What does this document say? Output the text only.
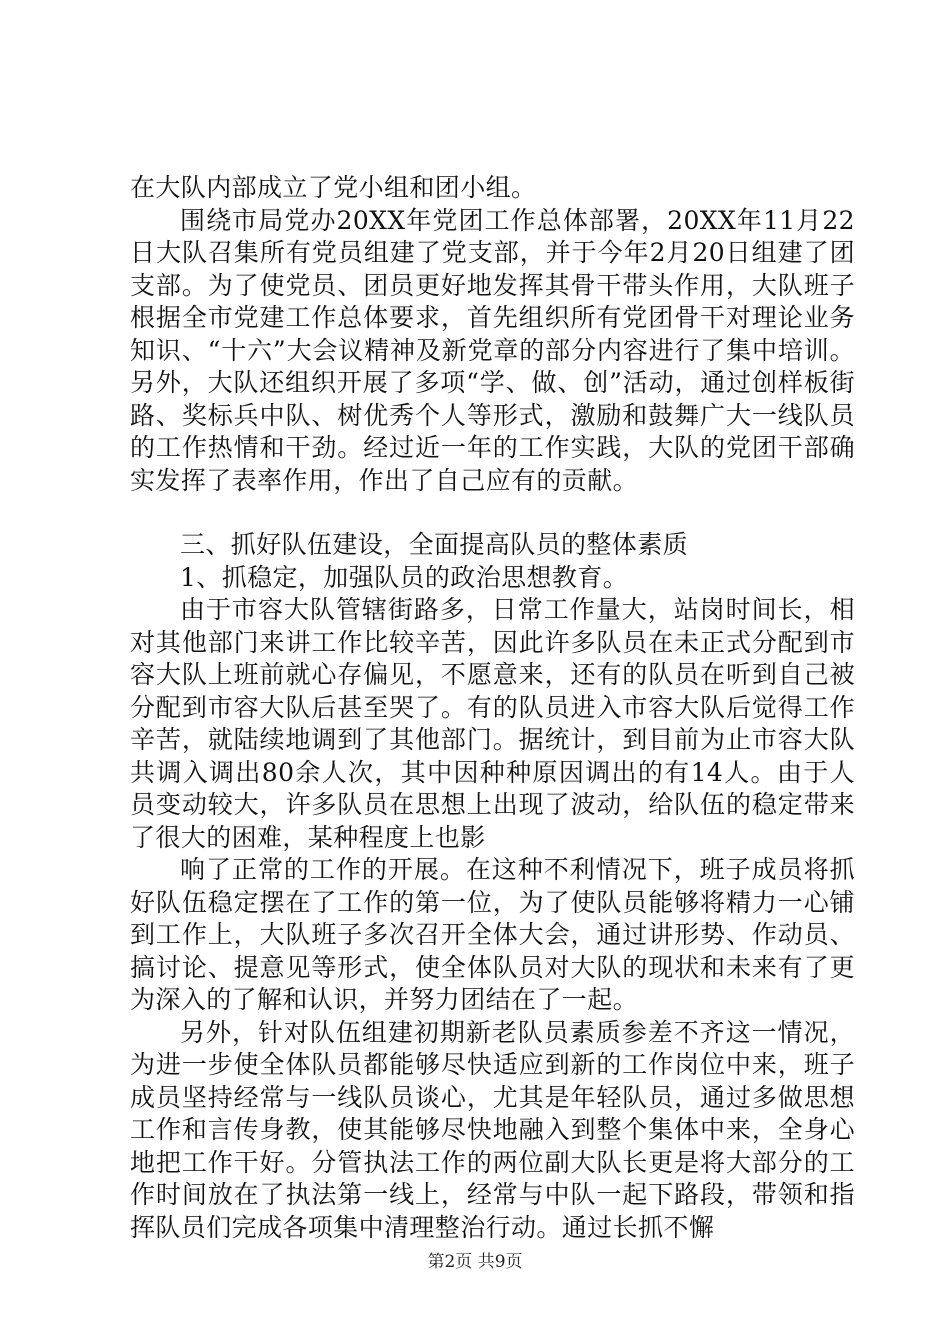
在大队内部成立了党小组和团小组。

围绕市局党办20XX年党团工作总体部署，20XX年11月22日大队召集所有党员组建了党支部，并于今年2月20日组建了团支部。为了使党员、团员更好地发挥其骨干带头作用，大队班子根据全市党建工作总体要求，首先组织所有党团骨干对理论业务知识、“十六”大会议精神及新党章的部分内容进行了集中培训。另外，大队还组织开展了多项“学、做、创”活动，通过创样板街路、奖标兵中队、树优秀个人等形式，激励和鼓舞广大一线队员的工作热情和干劲。经过近一年的工作实践，大队的党团干部确实发挥了表率作用，作出了自己应有的贡献。

三、抓好队伍建设，全面提高队员的整体素质

1、抓稳定，加强队员的政治思想教育。

由于市容大队管辖街路多，日常工作量大，站岗时间长，相对其他部门来讲工作比较辛苦，因此许多队员在未正式分配到市容大队上班前就心存偏见，不愿意来，还有的队员在听到自己被分配到市容大队后甚至哭了。有的队员进入市容大队后觉得工作辛苦，就陆续地调到了其他部门。据统计，到目前为止市容大队共调入调出80余人次，其中因种种原因调出的有14人。由于人员变动较大，许多队员在思想上出现了波动，给队伍的稳定带来了很大的困难，某种程度上也影

响了正常的工作的开展。在这种不利情况下，班子成员将抓好队伍稳定摆在了工作的第一位，为了使队员能够将精力一心铺到工作上，大队班子多次召开全体大会，通过讲形势、作动员、搞讨论、提意见等形式，使全体队员对大队的现状和未来有了更为深入的了解和认识，并努力团结在了一起。

另外，针对队伍组建初期新老队员素质参差不齐这一情况，为进一步使全体队员都能够尽快适应到新的工作岗位中来，班子成员坚持经常与一线队员谈心，尤其是年轻队员，通过多做思想工作和言传身教，使其能够尽快地融入到整个集体中来，全身心地把工作干好。分管执法工作的两位副大队长更是将大部分的工作时间放在了执法第一线上，经常与中队一起下路段，带领和指挥队员们完成各项集中清理整治行动。通过长抓不懈

第2页 共9页
